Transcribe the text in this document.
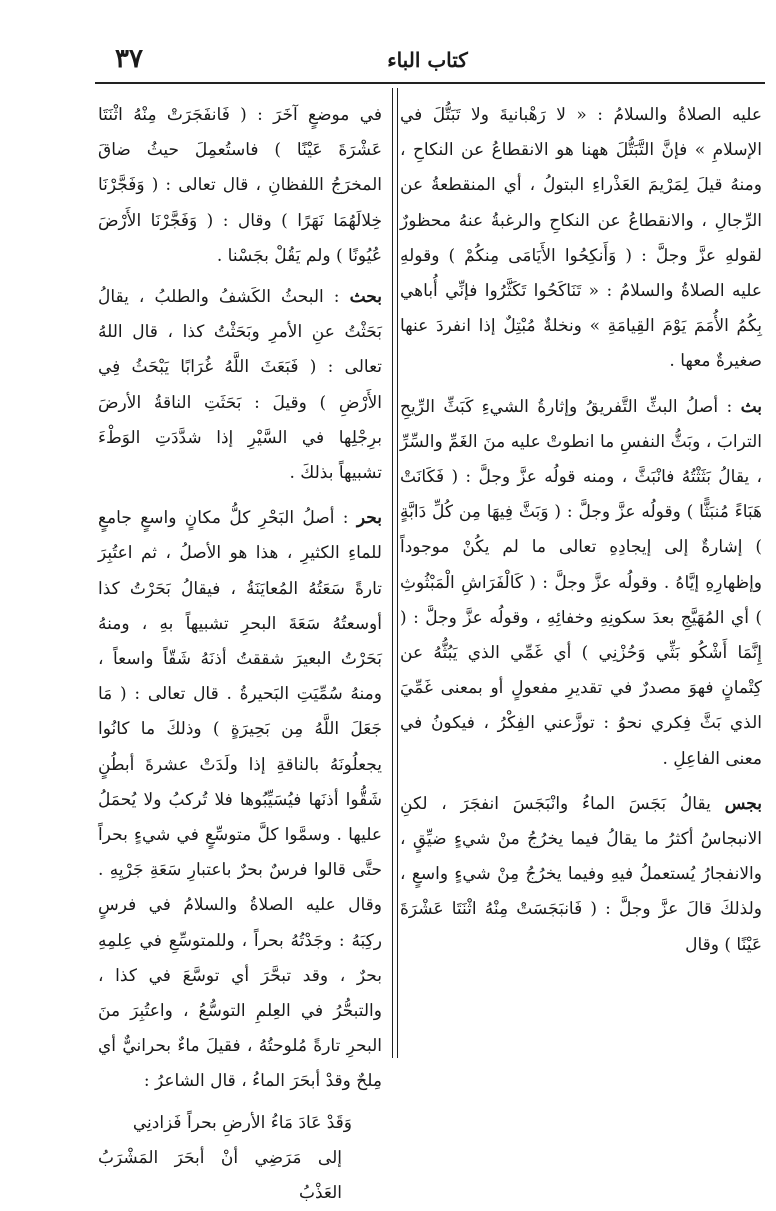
٣٧	كتاب الباء

عليه الصلاةُ والسلامُ : « لا رَهْبانيةَ ولا تَبَتُّلَ في الإسلامِ » فإنَّ التَّبَتُّلَ ههنا هو الانقطاعُ عن النكاحِ ، ومنهُ قيلَ لِمَرْيمَ العَذْراءِ البتولُ ، أي المنقطعةُ عن الرِّجالِ ، والانقطاعُ عن النكاحِ والرغبةُ عنهُ محظورٌ لقولهِ عزَّ وجلَّ : ( وَأَنكِحُوا الأَيَامَى مِنكُمْ ) وقولهِ عليه الصلاةُ والسلامُ : « تَنَاكَحُوا تَكَثَّرُوا فإنِّي أُباهي بِكُمُ الأُمَمَ يَوْمَ القِيامَةِ » ونخلةٌ مُبْتِلٌ إذا انفردَ عنها صغيرةٌ معها .

بث : أصلُ البثِّ التَّفريقُ وإثارةُ الشيءِ كَبَثِّ الرِّيحِ الترابَ ، وبَثُّ النفسِ ما انطوتْ عليه منَ الغَمِّ والسِّرِّ ، يقالُ بَثَثْتُهُ فانْبَثَّ ، ومنه قولُه عزَّ وجلَّ : ( فَكَانَتْ هَبَاءً مُنبَثًّا ) وقولُه عزَّ وجلَّ : ( وَبَثَّ فِيهَا مِن كُلِّ دَابَّةٍ ) إشارةٌ إلى إيجادِهِ تعالى ما لم يكُنْ موجوداً وإظهارِهِ إيَّاهُ . وقولُه عزَّ وجلَّ : ( كَالْفَرَاشِ الْمَبْثُوثِ ) أي المُهَيَّجِ بعدَ سكونِهِ وخفائِهِ ، وقولُه عزَّ وجلَّ : ( إِنَّمَا أَشْكُو بَثِّي وَحُزْنِي ) أي غَمِّي الذي يَبُثُّهُ عن كِتْمانٍ فهوَ مصدرٌ في تقديرِ مفعولٍ أو بمعنى غَمِّيَ الذي بَثَّ فِكري نحوُ : توزَّعني الفِكْرُ ، فيكونُ في معنى الفاعِلِ .

بجس يقالُ بَجَسَ الماءُ وانْبَجَسَ انفجَرَ ، لكنِ الانبجاسُ أكثرُ ما يقالُ فيما يخرُجُ منْ شيءٍ ضيِّقٍ ، والانفجارُ يُستعملُ فيهِ وفيما يخرُجُ مِنْ شيءٍ واسعٍ ، ولذلكَ قالَ عزَّ وجلَّ : ( فَانبَجَسَتْ مِنْهُ اثْنَتَا عَشْرَةَ عَيْنًا ) وقال

في موضعٍ آخَرَ : ( فَانفَجَرَتْ مِنْهُ اثْنَتَا عَشْرَةَ عَيْنًا ) فاستُعمِلَ حيثُ ضاقَ المخرَجُ اللفظانِ ، قال تعالى : ( وَفَجَّرْنَا خِلالَهُمَا نَهَرًا ) وقال : ( وَفَجَّرْنَا الأَرْضَ عُيُونًا ) ولم يَقُلْ بجَسْنا .

بحث : البحثُ الكَشفُ والطلبُ ، يقالُ بَحَثْتُ عنِ الأمرِ وبَحَثْتُ كذا ، قال اللهُ تعالى : ( فَبَعَثَ اللَّهُ غُرَابًا يَبْحَثُ فِي الأَرْضِ ) وقيلَ : بَحَثَتِ الناقةُ الأرضَ برِجْلِها في السَّيْرِ إذا شدَّدَتِ الوَطْءَ تشبيهاً بذلكَ .

بحر : أصلُ البَحْرِ كلُّ مكانٍ واسعٍ جامعٍ للماءِ الكثيرِ ، هذا هو الأصلُ ، ثم اعتُبِرَ تارةً سَعَتُهُ المُعايَنَةُ ، فيقالُ بَحَرْتُ كذا أوسعتُهُ سَعَةَ البحرِ تشبيهاً بهِ ، ومنهُ بَحَرْتُ البعيرَ شققتُ أذنَهُ شَقّاً واسعاً ، ومنهُ سُمِّيَتِ البَحيرةُ . قال تعالى : ( مَا جَعَلَ اللَّهُ مِن بَحِيرَةٍ ) وذلكَ ما كانُوا يجعلُونَهُ بالناقةِ إذا ولَدَتْ عشرةَ أبطُنٍ شَقُّوا أذنَها فيُسَيِّبُوها فلا تُركبُ ولا يُحمَلُ عليها . وسمَّوا كلَّ متوسِّعٍ في شيءٍ بحراً حتَّى قالوا فرسٌ بحرٌ باعتبارِ سَعَةِ جَرْيِهِ . وقال عليه الصلاةُ والسلامُ في فرسٍ ركِبَهُ : وجَدْتُهُ بحراً ، وللمتوسِّعِ في عِلمِهِ بحرٌ ، وقد تبحَّرَ أي توسَّعَ في كذا ، والتبحُّرُ في العِلمِ التوسُّعُ ، واعتُبِرَ منَ البحرِ تارةً مُلوحتُهُ ، فقيلَ ماءٌ بحرانيٌّ أي مِلحٌ وقدْ أبحَرَ الماءُ ، قال الشاعرُ :

وَقَدْ عَادَ مَاءُ الأرضِ بحراً فَزادنِي
إلى مَرَضِي أنْ أبحَرَ المَشْرَبُ العَذْبُ
